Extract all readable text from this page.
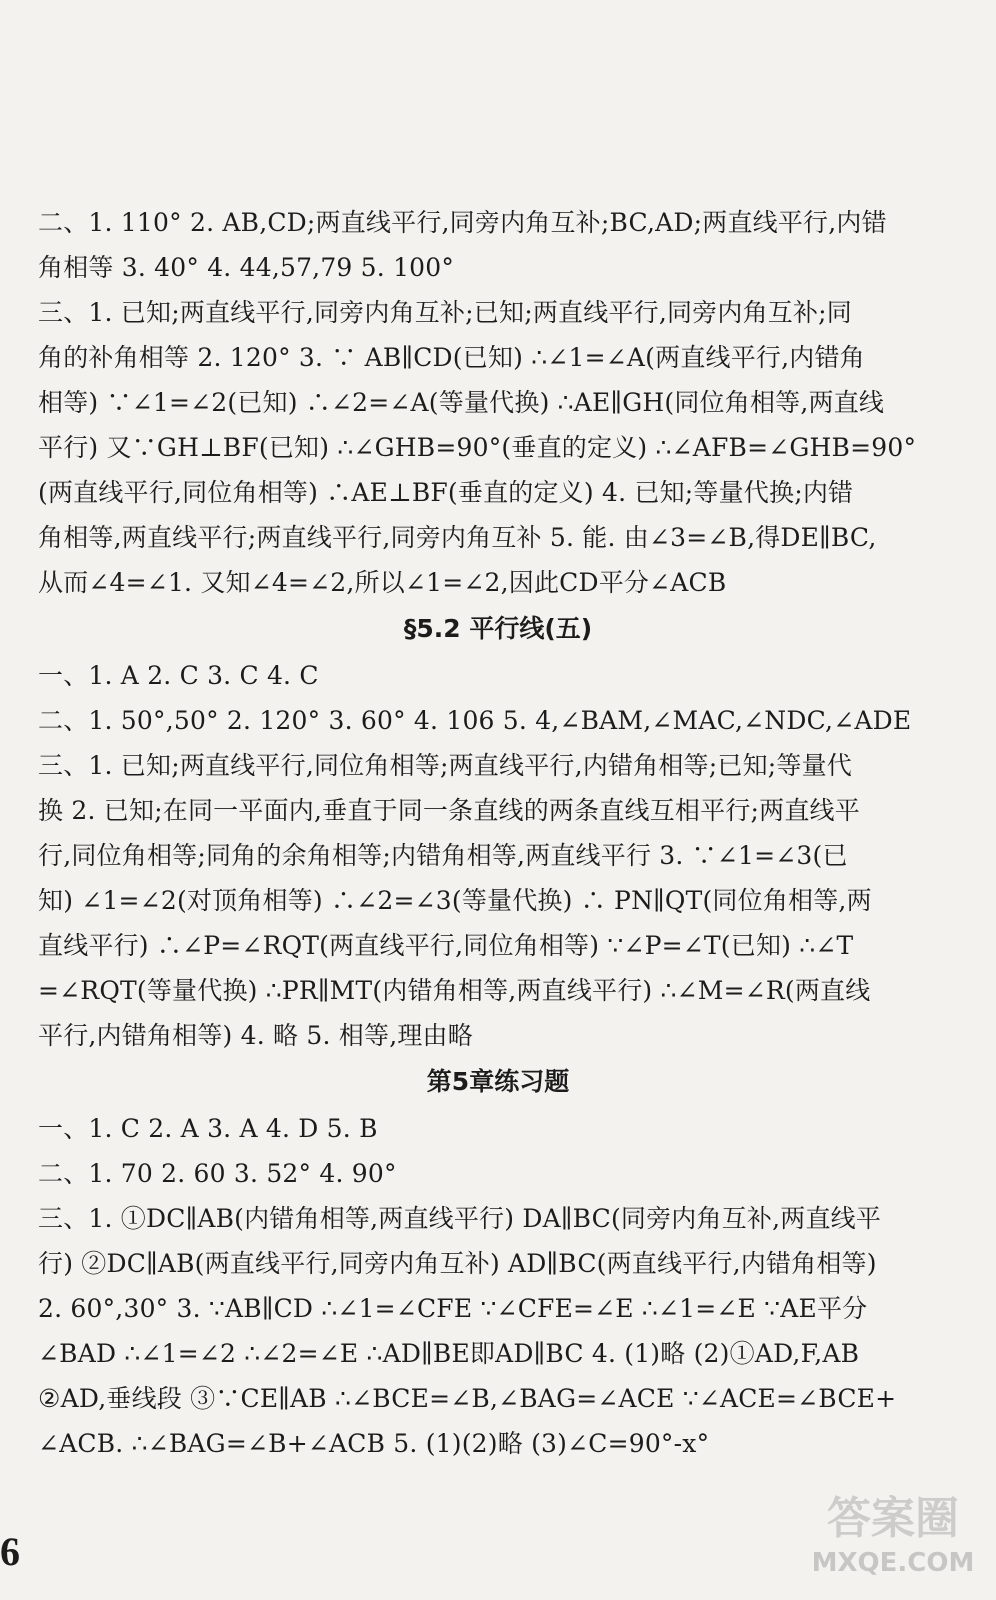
二、1. 110° 2. AB,CD;两直线平行,同旁内角互补;BC,AD;两直线平行,内错
角相等 3. 40° 4. 44,57,79 5. 100°
三、1. 已知;两直线平行,同旁内角互补;已知;两直线平行,同旁内角互补;同
角的补角相等 2. 120° 3. ∵ AB∥CD(已知) ∴∠1=∠A(两直线平行,内错角
相等) ∵∠1=∠2(已知) ∴∠2=∠A(等量代换) ∴AE∥GH(同位角相等,两直线
平行) 又∵GH⊥BF(已知) ∴∠GHB=90°(垂直的定义) ∴∠AFB=∠GHB=90°
(两直线平行,同位角相等) ∴AE⊥BF(垂直的定义) 4. 已知;等量代换;内错
角相等,两直线平行;两直线平行,同旁内角互补 5. 能. 由∠3=∠B,得DE∥BC,
从而∠4=∠1. 又知∠4=∠2,所以∠1=∠2,因此CD平分∠ACB
§5.2 平行线(五)
一、1. A 2. C 3. C 4. C
二、1. 50°,50° 2. 120° 3. 60° 4. 106 5. 4,∠BAM,∠MAC,∠NDC,∠ADE
三、1. 已知;两直线平行,同位角相等;两直线平行,内错角相等;已知;等量代
换 2. 已知;在同一平面内,垂直于同一条直线的两条直线互相平行;两直线平
行,同位角相等;同角的余角相等;内错角相等,两直线平行 3. ∵∠1=∠3(已
知) ∠1=∠2(对顶角相等) ∴∠2=∠3(等量代换) ∴ PN∥QT(同位角相等,两
直线平行) ∴∠P=∠RQT(两直线平行,同位角相等) ∵∠P=∠T(已知) ∴∠T
=∠RQT(等量代换) ∴PR∥MT(内错角相等,两直线平行) ∴∠M=∠R(两直线
平行,内错角相等) 4. 略 5. 相等,理由略
第5章练习题
一、1. C 2. A 3. A 4. D 5. B
二、1. 70 2. 60 3. 52° 4. 90°
三、1. ①DC∥AB(内错角相等,两直线平行) DA∥BC(同旁内角互补,两直线平
行) ②DC∥AB(两直线平行,同旁内角互补) AD∥BC(两直线平行,内错角相等)
2. 60°,30° 3. ∵AB∥CD ∴∠1=∠CFE ∵∠CFE=∠E ∴∠1=∠E ∵AE平分
∠BAD ∴∠1=∠2 ∴∠2=∠E ∴AD∥BE即AD∥BC 4. (1)略 (2)①AD,F,AB
②AD,垂线段 ③∵CE∥AB ∴∠BCE=∠B,∠BAG=∠ACE ∵∠ACE=∠BCE+
∠ACB. ∴∠BAG=∠B+∠ACB 5. (1)(2)略 (3)∠C=90°-x°
6
答案圈
MXQE.COM
